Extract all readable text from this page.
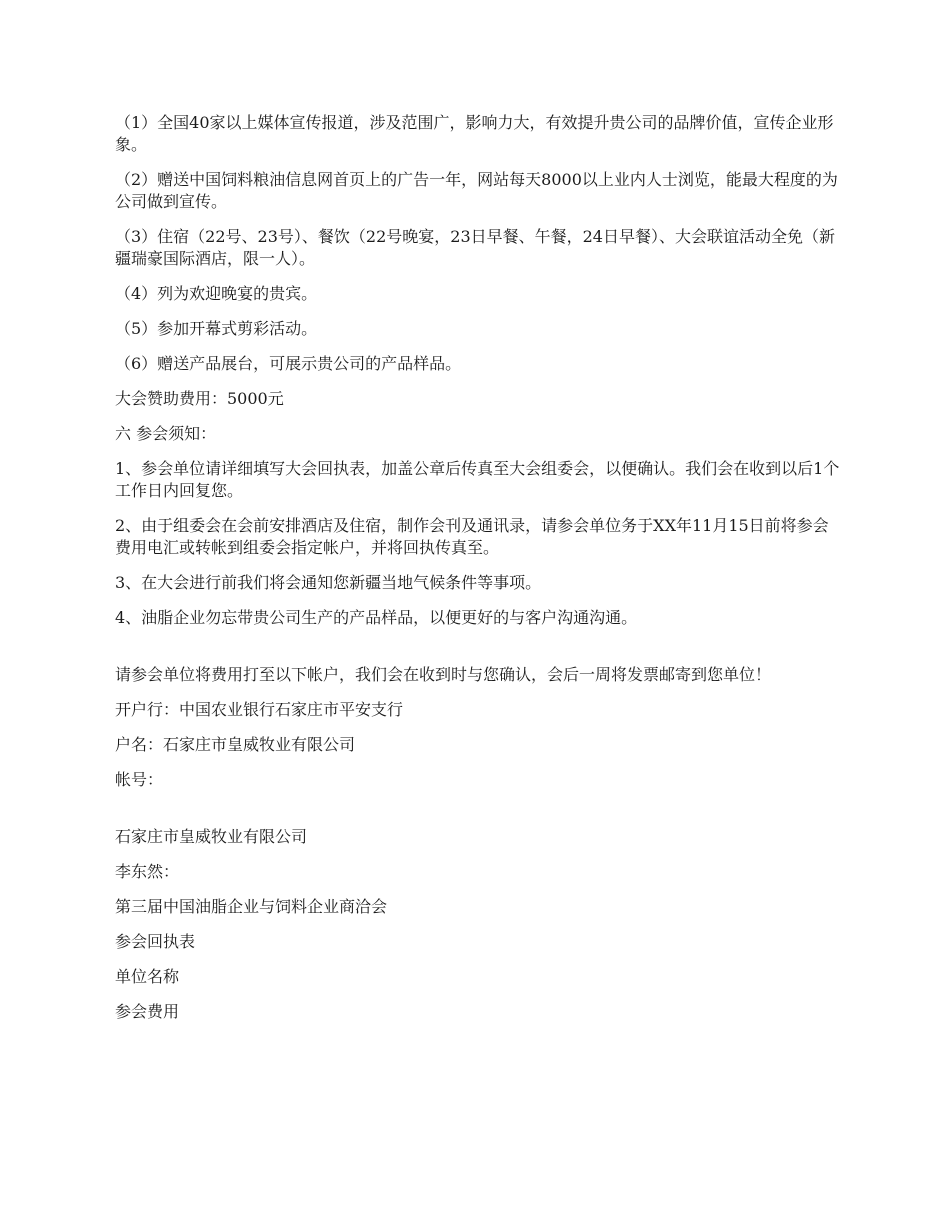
（1）全国40家以上媒体宣传报道，涉及范围广，影响力大，有效提升贵公司的品牌价值，宣传企业形象。

（2）赠送中国饲料粮油信息网首页上的广告一年，网站每天8000以上业内人士浏览，能最大程度的为公司做到宣传。

（3）住宿（22号、23号）、餐饮（22号晚宴，23日早餐、午餐，24日早餐）、大会联谊活动全免（新疆瑞豪国际酒店，限一人）。

（4）列为欢迎晚宴的贵宾。

（5）参加开幕式剪彩活动。

（6）赠送产品展台，可展示贵公司的产品样品。

大会赞助费用：5000元

六 参会须知：

1、参会单位请详细填写大会回执表，加盖公章后传真至大会组委会，以便确认。我们会在收到以后1个工作日内回复您。

2、由于组委会在会前安排酒店及住宿，制作会刊及通讯录，请参会单位务于XX年11月15日前将参会费用电汇或转帐到组委会指定帐户，并将回执传真至。

3、在大会进行前我们将会通知您新疆当地气候条件等事项。

4、油脂企业勿忘带贵公司生产的产品样品，以便更好的与客户沟通沟通。

请参会单位将费用打至以下帐户，我们会在收到时与您确认，会后一周将发票邮寄到您单位！

开户行：中国农业银行石家庄市平安支行

户名：石家庄市皇威牧业有限公司

帐号：

石家庄市皇威牧业有限公司

李东然：

第三届中国油脂企业与饲料企业商洽会

参会回执表

单位名称

参会费用
